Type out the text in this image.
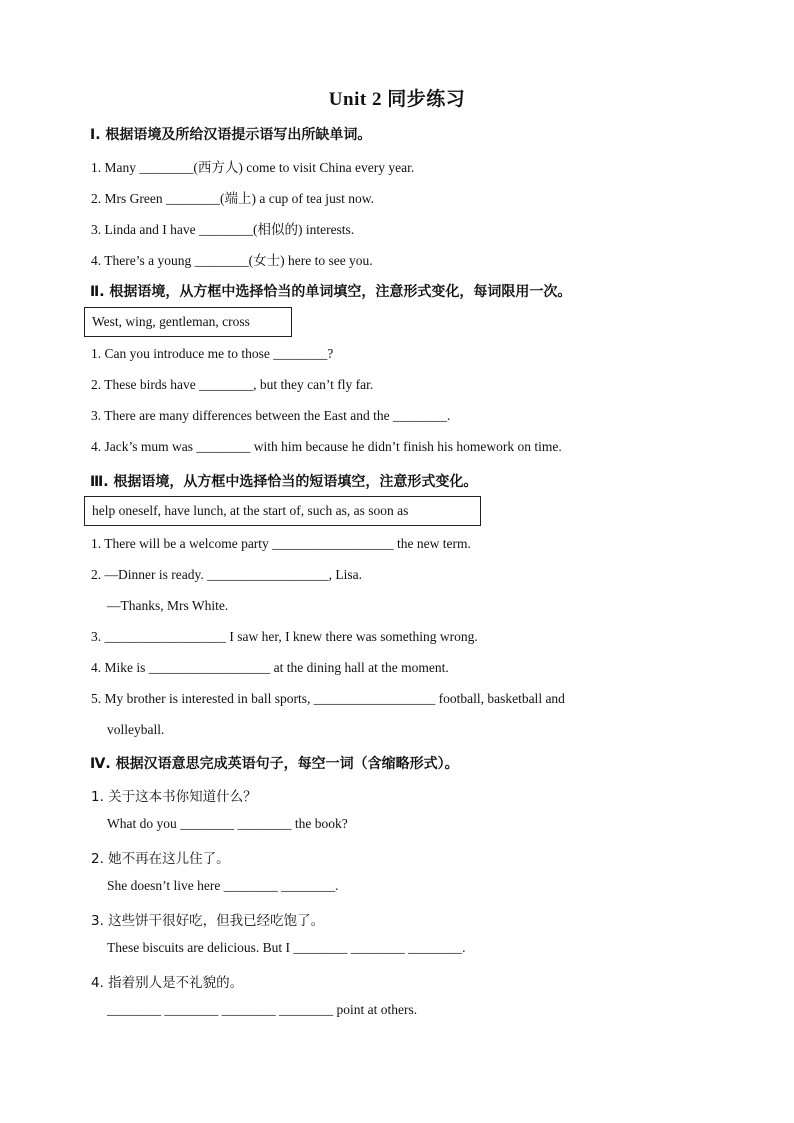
Unit 2 同步练习
Ⅰ. 根据语境及所给汉语提示语写出所缺单词。
1. Many ________(西方人) come to visit China every year.
2. Mrs Green ________(端上) a cup of tea just now.
3. Linda and I have ________(相似的) interests.
4. There’s a young ________(女士) here to see you.
Ⅱ. 根据语境，从方框中选择恰当的单词填空，注意形式变化，每词限用一次。
West, wing, gentleman, cross
1. Can you introduce me to those ________?
2. These birds have ________, but they can’t fly far.
3. There are many differences between the East and the ________.
4. Jack’s mum was ________ with him because he didn’t finish his homework on time.
Ⅲ. 根据语境，从方框中选择恰当的短语填空，注意形式变化。
help oneself, have lunch, at the start of, such as, as soon as
1. There will be a welcome party __________________ the new term.
2. —Dinner is ready. __________________, Lisa.
—Thanks, Mrs White.
3. __________________ I saw her, I knew there was something wrong.
4. Mike is __________________ at the dining hall at the moment.
5. My brother is interested in ball sports, __________________ football, basketball and
volleyball.
Ⅳ. 根据汉语意思完成英语句子，每空一词（含缩略形式）。
1. 关于这本书你知道什么？
What do you ________ ________ the book?
2. 她不再在这儿住了。
She doesn’t live here ________ ________.
3. 这些饼干很好吃，但我已经吃饱了。
These biscuits are delicious. But I ________ ________ ________.
4. 指着别人是不礼貌的。
________ ________ ________ ________ point at others.
